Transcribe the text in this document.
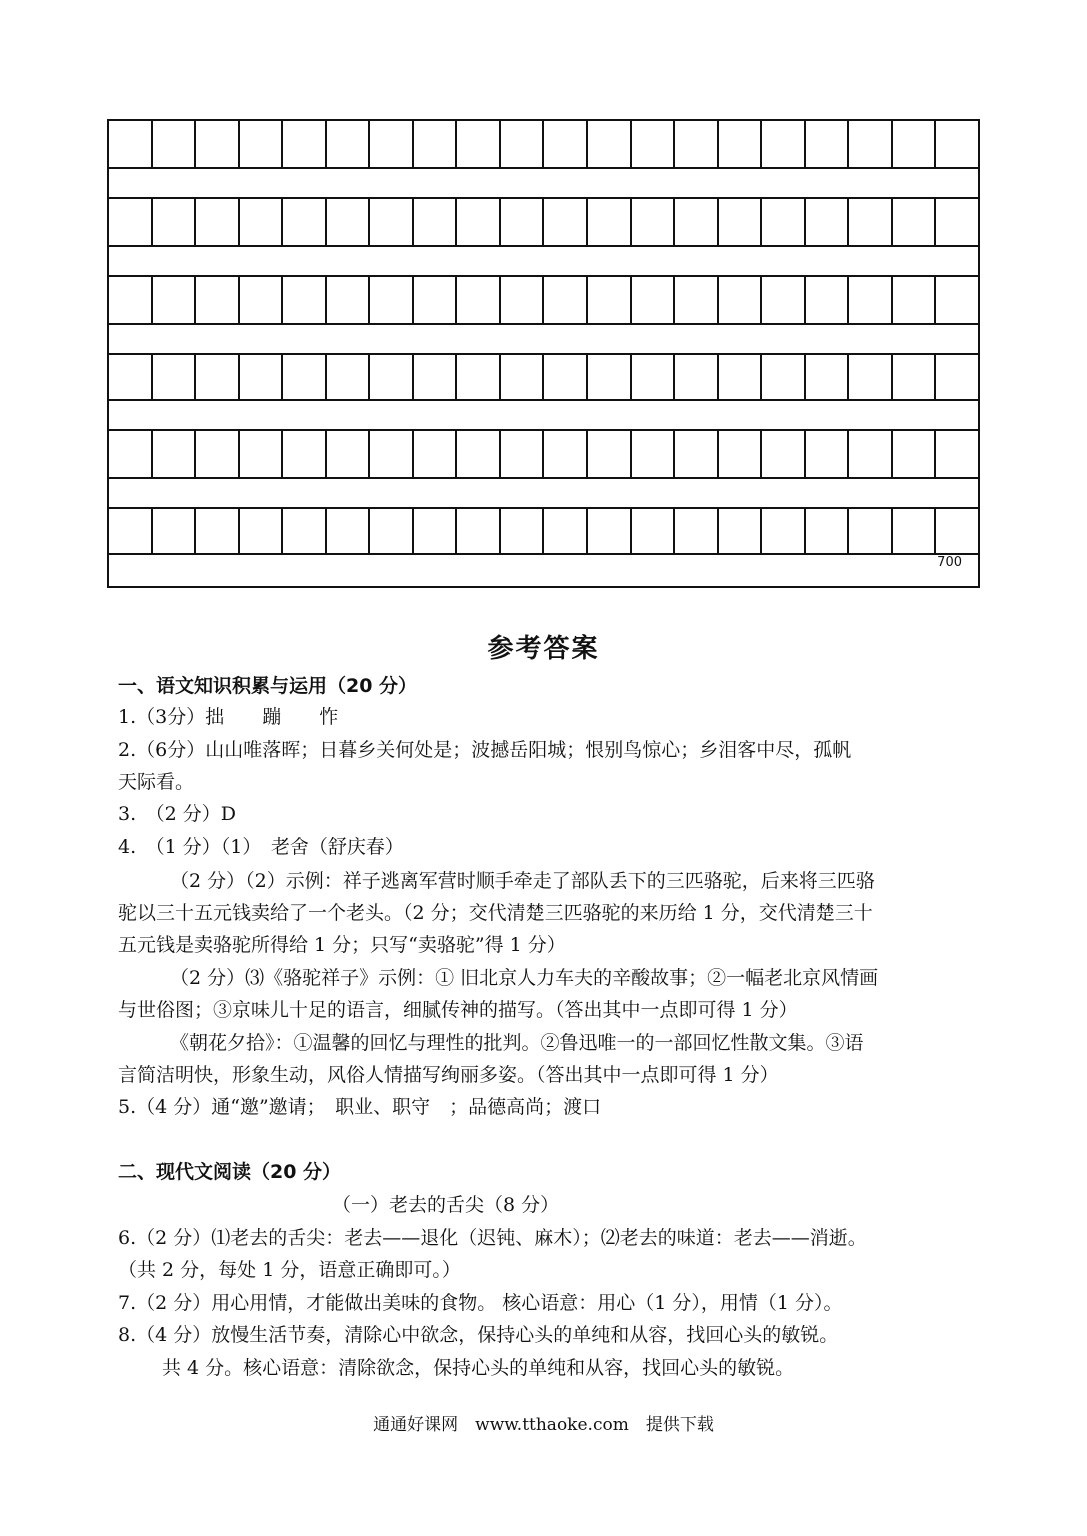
700
参考答案
一、语文知识积累与运用（20 分）
1.（3分）拙　　蹦　　怍
2.（6分）山山唯落晖；日暮乡关何处是；波撼岳阳城；恨别鸟惊心；乡泪客中尽，孤帆
天际看。
3.　（2 分）D
4.　（1 分）（1）　老舍（舒庆春）
（2 分）（2）示例：祥子逃离军营时顺手牵走了部队丢下的三匹骆驼，后来将三匹骆
驼以三十五元钱卖给了一个老头。（2 分；交代清楚三匹骆驼的来历给 1 分，交代清楚三十
五元钱是卖骆驼所得给 1 分；只写“卖骆驼”得 1 分）
（2 分）⑶《骆驼祥子》示例：① 旧北京人力车夫的辛酸故事；②一幅老北京风情画
与世俗图；③京味儿十足的语言，细腻传神的描写。（答出其中一点即可得 1 分）
《朝花夕拾》：①温馨的回忆与理性的批判。②鲁迅唯一的一部回忆性散文集。③语
言简洁明快，形象生动，风俗人情描写绚丽多姿。（答出其中一点即可得 1 分）
5.（4 分）通“邀”邀请；　职业、职守　；品德高尚；渡口
二、现代文阅读（20 分）
（一）老去的舌尖（8 分）
6.（2 分）⑴老去的舌尖：老去——退化（迟钝、麻木）；⑵老去的味道：老去——消逝。
（共 2 分，每处 1 分，语意正确即可。）
7.（2 分）用心用情，才能做出美味的食物。 核心语意：用心（1 分），用情（1 分）。
8.（4 分）放慢生活节奏，清除心中欲念，保持心头的单纯和从容，找回心头的敏锐。
共 4 分。核心语意：清除欲念，保持心头的单纯和从容，找回心头的敏锐。
通通好课网　www.tthaoke.com　提供下载
